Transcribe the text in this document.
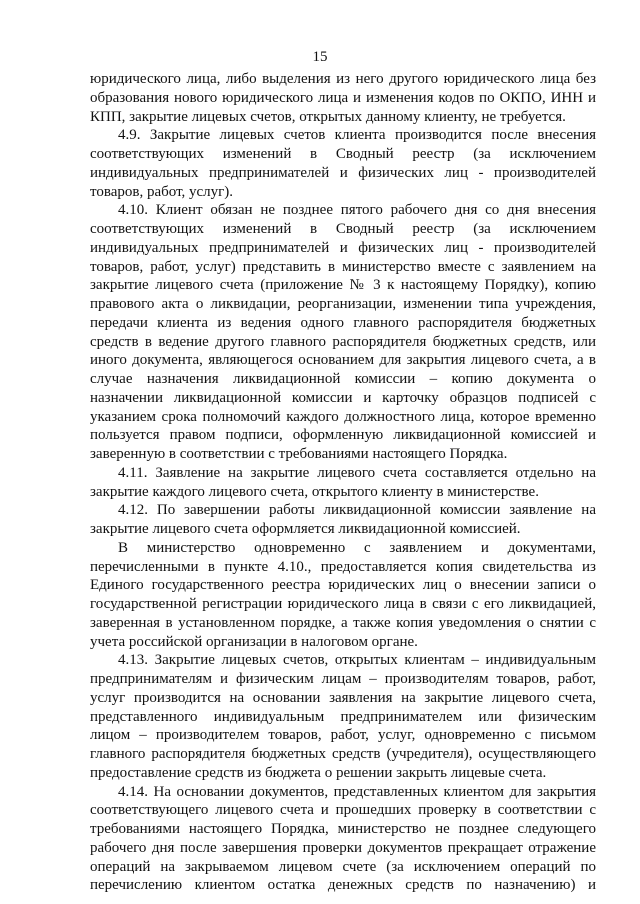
15
юридического лица, либо выделения из него другого юридического лица без
образования нового юридического лица и изменения кодов по ОКПО, ИНН и
КПП, закрытие лицевых счетов, открытых данному клиенту, не требуется.
4.9. Закрытие лицевых счетов клиента производится после внесения
соответствующих изменений в Сводный реестр (за исключением
индивидуальных предпринимателей и физических лиц - производителей
товаров, работ, услуг).
4.10. Клиент обязан не позднее пятого рабочего дня со дня внесения
соответствующих изменений в Сводный реестр (за исключением
индивидуальных предпринимателей и физических лиц - производителей
товаров, работ, услуг) представить в министерство вместе с заявлением на
закрытие лицевого счета (приложение № 3 к настоящему Порядку), копию
правового акта о ликвидации, реорганизации, изменении типа учреждения,
передачи клиента из ведения одного главного распорядителя бюджетных
средств в ведение другого главного распорядителя бюджетных средств, или
иного документа, являющегося основанием для закрытия лицевого счета, а в
случае назначения ликвидационной комиссии – копию документа о
назначении ликвидационной комиссии и карточку образцов подписей с
указанием срока полномочий каждого должностного лица, которое временно
пользуется правом подписи, оформленную ликвидационной комиссией и
заверенную в соответствии с требованиями настоящего Порядка.
4.11. Заявление на закрытие лицевого счета составляется отдельно на
закрытие каждого лицевого счета, открытого клиенту в министерстве.
4.12. По завершении работы ликвидационной комиссии заявление на
закрытие лицевого счета оформляется ликвидационной комиссией.
В министерство одновременно с заявлением и документами,
перечисленными в пункте 4.10., предоставляется копия свидетельства из
Единого государственного реестра юридических лиц о внесении записи о
государственной регистрации юридического лица в связи с его ликвидацией,
заверенная в установленном порядке, а также копия уведомления о снятии с
учета российской организации в налоговом органе.
4.13. Закрытие лицевых счетов, открытых клиентам – индивидуальным
предпринимателям и физическим лицам – производителям товаров, работ,
услуг производится на основании заявления на закрытие лицевого счета,
представленного индивидуальным предпринимателем или физическим
лицом – производителем товаров, работ, услуг, одновременно с письмом
главного распорядителя бюджетных средств (учредителя), осуществляющего
предоставление средств из бюджета о решении закрыть лицевые счета.
4.14. На основании документов, представленных клиентом для закрытия
соответствующего лицевого счета и прошедших проверку в соответствии с
требованиями настоящего Порядка, министерство не позднее следующего
рабочего дня после завершения проверки документов прекращает отражение
операций на закрываемом лицевом счете (за исключением операций по
перечислению клиентом остатка денежных средств по назначению) и
